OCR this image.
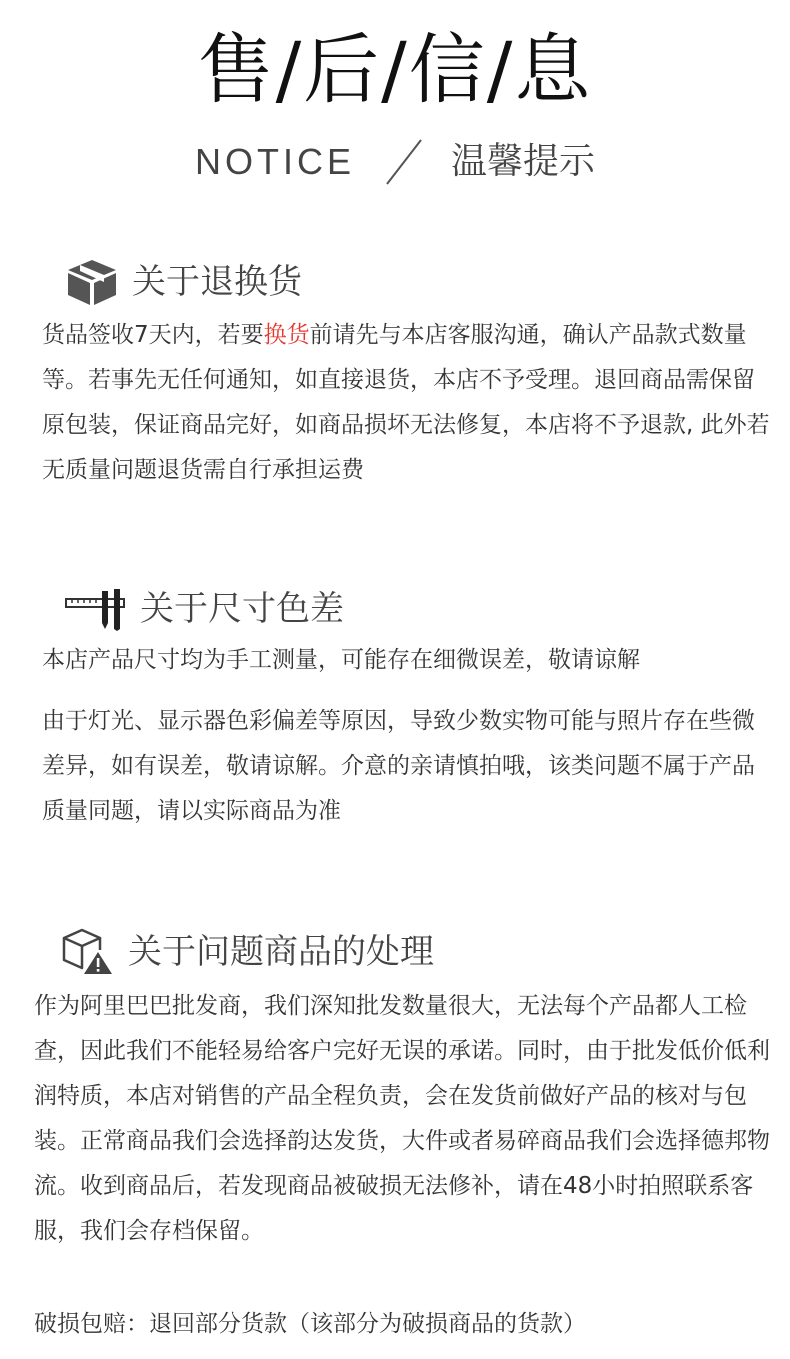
售/后/信/息
NOTICE	温馨提示
关于退换货

货品签收7天内，若要换货前请先与本店客服沟通，确认产品款式数量等。若事先无任何通知，如直接退货，本店不予受理。退回商品需保留原包装，保证商品完好，如商品损坏无法修复，本店将不予退款, 此外若无质量问题退货需自行承担运费

关于尺寸色差

本店产品尺寸均为手工测量，可能存在细微误差，敬请谅解

由于灯光、显示器色彩偏差等原因，导致少数实物可能与照片存在些微差异，如有误差，敬请谅解。介意的亲请慎拍哦，该类问题不属于产品质量同题，请以实际商品为准

关于问题商品的处理

作为阿里巴巴批发商，我们深知批发数量很大，无法每个产品都人工检查，因此我们不能轻易给客户完好无误的承诺。同时，由于批发低价低利润特质，本店对销售的产品全程负责，会在发货前做好产品的核对与包装。正常商品我们会选择韵达发货，大件或者易碎商品我们会选择德邦物流。收到商品后，若发现商品被破损无法修补，请在48小时拍照联系客服，我们会存档保留。

破损包赔：退回部分货款（该部分为破损商品的货款）
